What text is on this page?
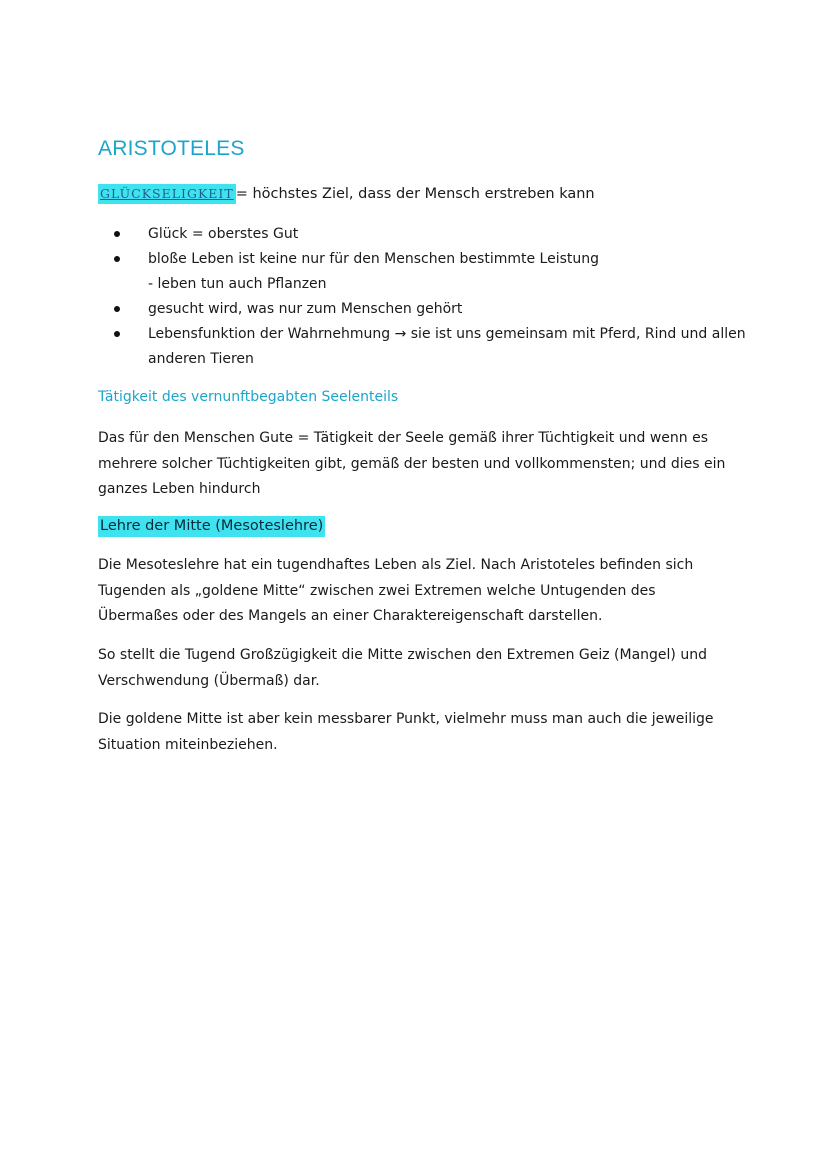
ARISTOTELES
GLÜCKSELIGKEIT = höchstes Ziel, dass der Mensch erstreben kann
Glück = oberstes Gut
bloße Leben ist keine nur für den Menschen bestimmte Leistung
- leben tun auch Pflanzen
gesucht wird, was nur zum Menschen gehört
Lebensfunktion der Wahrnehmung → sie ist uns gemeinsam mit Pferd, Rind und allen
anderen Tieren
Tätigkeit des vernunftbegabten Seelenteils

Das für den Menschen Gute = Tätigkeit der Seele gemäß ihrer Tüchtigkeit und wenn es mehrere solcher Tüchtigkeiten gibt, gemäß der besten und vollkommensten; und dies ein ganzes Leben hindurch

Lehre der Mitte (Mesoteslehre)

Die Mesoteslehre hat ein tugendhaftes Leben als Ziel. Nach Aristoteles befinden sich Tugenden als „goldene Mitte“ zwischen zwei Extremen welche Untugenden des Übermaßes oder des Mangels an einer Charaktereigenschaft darstellen.

So stellt die Tugend Großzügigkeit die Mitte zwischen den Extremen Geiz (Mangel) und Verschwendung (Übermaß) dar.

Die goldene Mitte ist aber kein messbarer Punkt, vielmehr muss man auch die jeweilige Situation miteinbeziehen.
